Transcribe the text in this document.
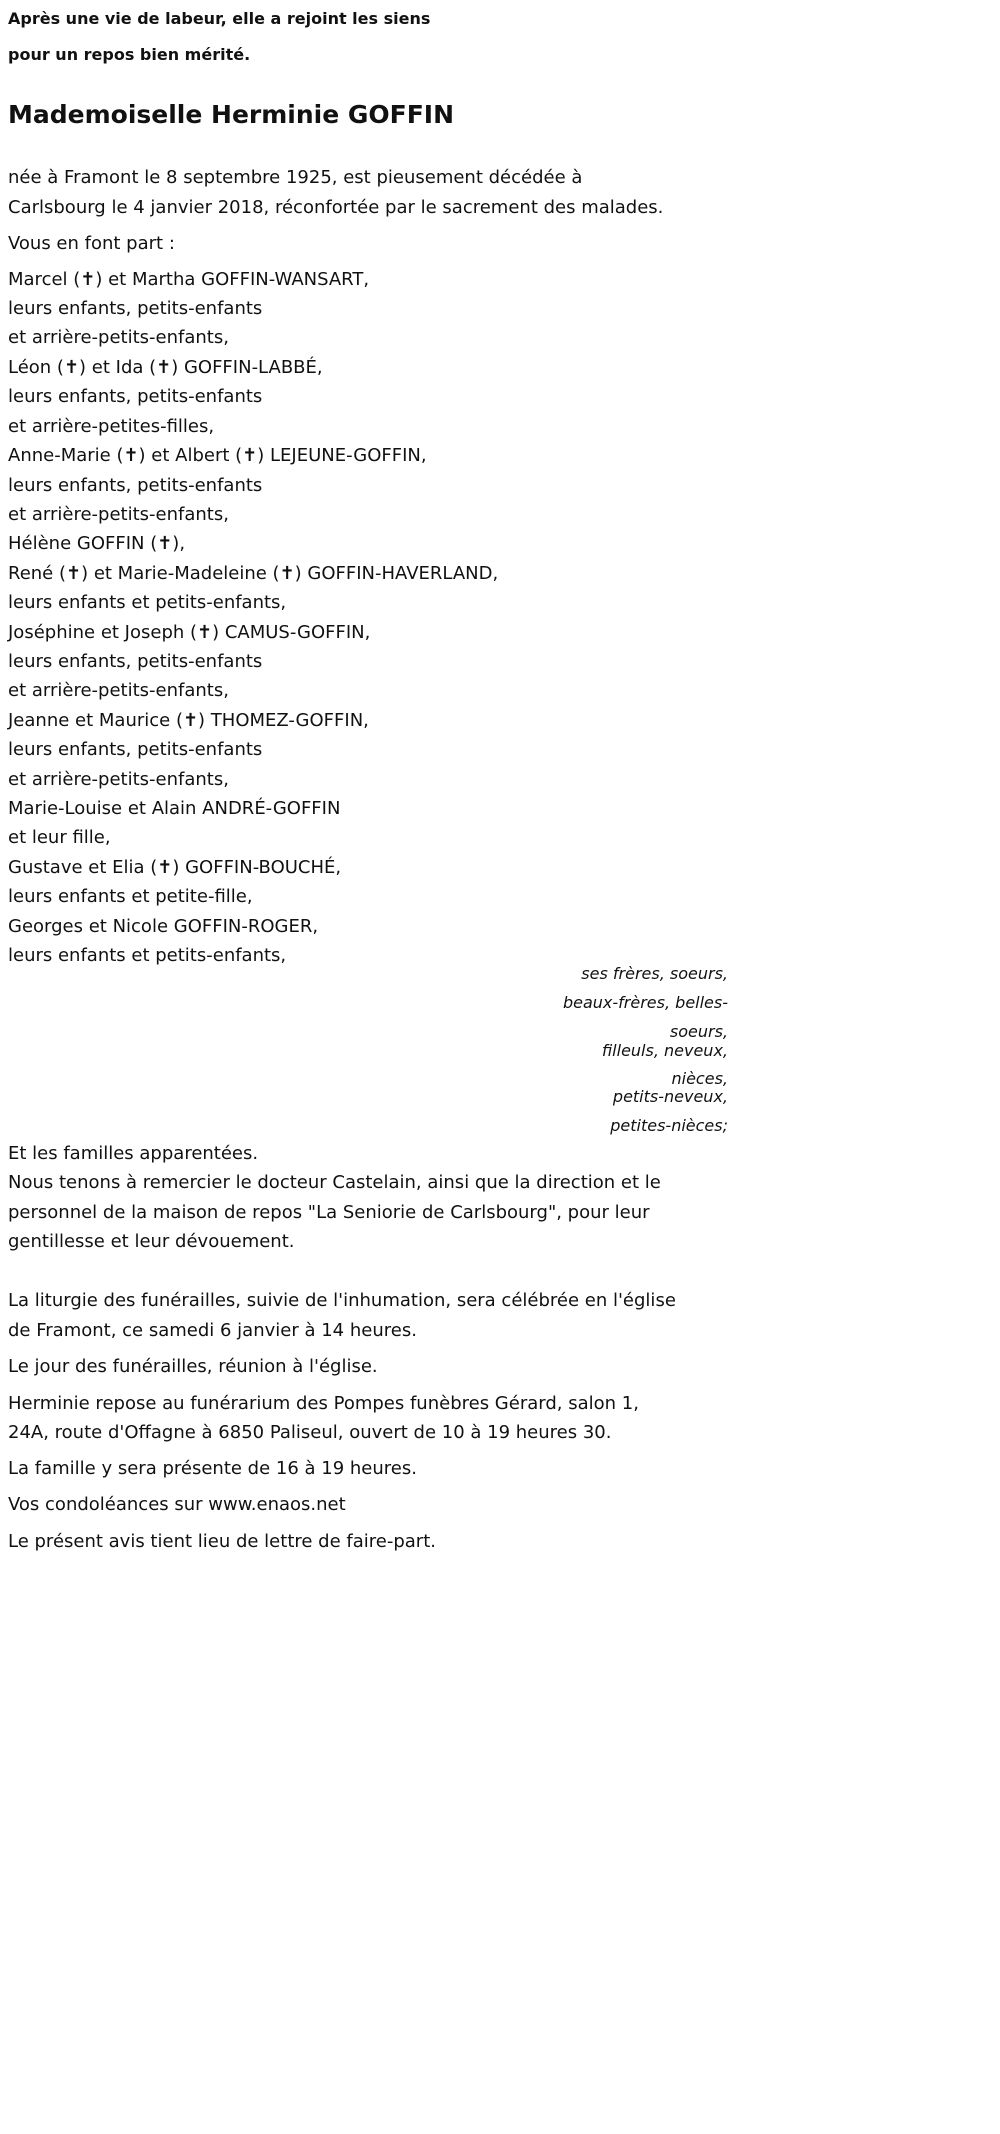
Après une vie de labeur, elle a rejoint les siens
pour un repos bien mérité.
Mademoiselle Herminie GOFFIN
née à Framont le 8 septembre 1925, est pieusement décédée à
Carlsbourg le 4 janvier 2018, réconfortée par le sacrement des malades.
Vous en font part :
Marcel (✝) et Martha GOFFIN-WANSART,
leurs enfants, petits-enfants
et arrière-petits-enfants,
Léon (✝) et Ida (✝) GOFFIN-LABBÉ,
leurs enfants, petits-enfants
et arrière-petites-filles,
Anne-Marie (✝) et Albert (✝) LEJEUNE-GOFFIN,
leurs enfants, petits-enfants
et arrière-petits-enfants,
Hélène GOFFIN (✝),
René (✝) et Marie-Madeleine (✝) GOFFIN-HAVERLAND,
leurs enfants et petits-enfants,
Joséphine et Joseph (✝) CAMUS-GOFFIN,
leurs enfants, petits-enfants
et arrière-petits-enfants,
Jeanne et Maurice (✝) THOMEZ-GOFFIN,
leurs enfants, petits-enfants
et arrière-petits-enfants,
Marie-Louise et Alain ANDRÉ-GOFFIN
et leur fille,
Gustave et Elia (✝) GOFFIN-BOUCHÉ,
leurs enfants et petite-fille,
Georges et Nicole GOFFIN-ROGER,
leurs enfants et petits-enfants,
ses frères, soeurs,
beaux-frères, belles-
soeurs,
filleuls, neveux,
nièces,
petits-neveux,
petites-nièces;
Et les familles apparentées.
Nous tenons à remercier le docteur Castelain, ainsi que la direction et le
personnel de la maison de repos "La Seniorie de Carlsbourg", pour leur
gentillesse et leur dévouement.
La liturgie des funérailles, suivie de l'inhumation, sera célébrée en l'église
de Framont, ce samedi 6 janvier à 14 heures.
Le jour des funérailles, réunion à l'église.
Herminie repose au funérarium des Pompes funèbres Gérard, salon 1,
24A, route d'Offagne à 6850 Paliseul, ouvert de 10 à 19 heures 30.
La famille y sera présente de 16 à 19 heures.
Vos condoléances sur www.enaos.net
Le présent avis tient lieu de lettre de faire-part.
